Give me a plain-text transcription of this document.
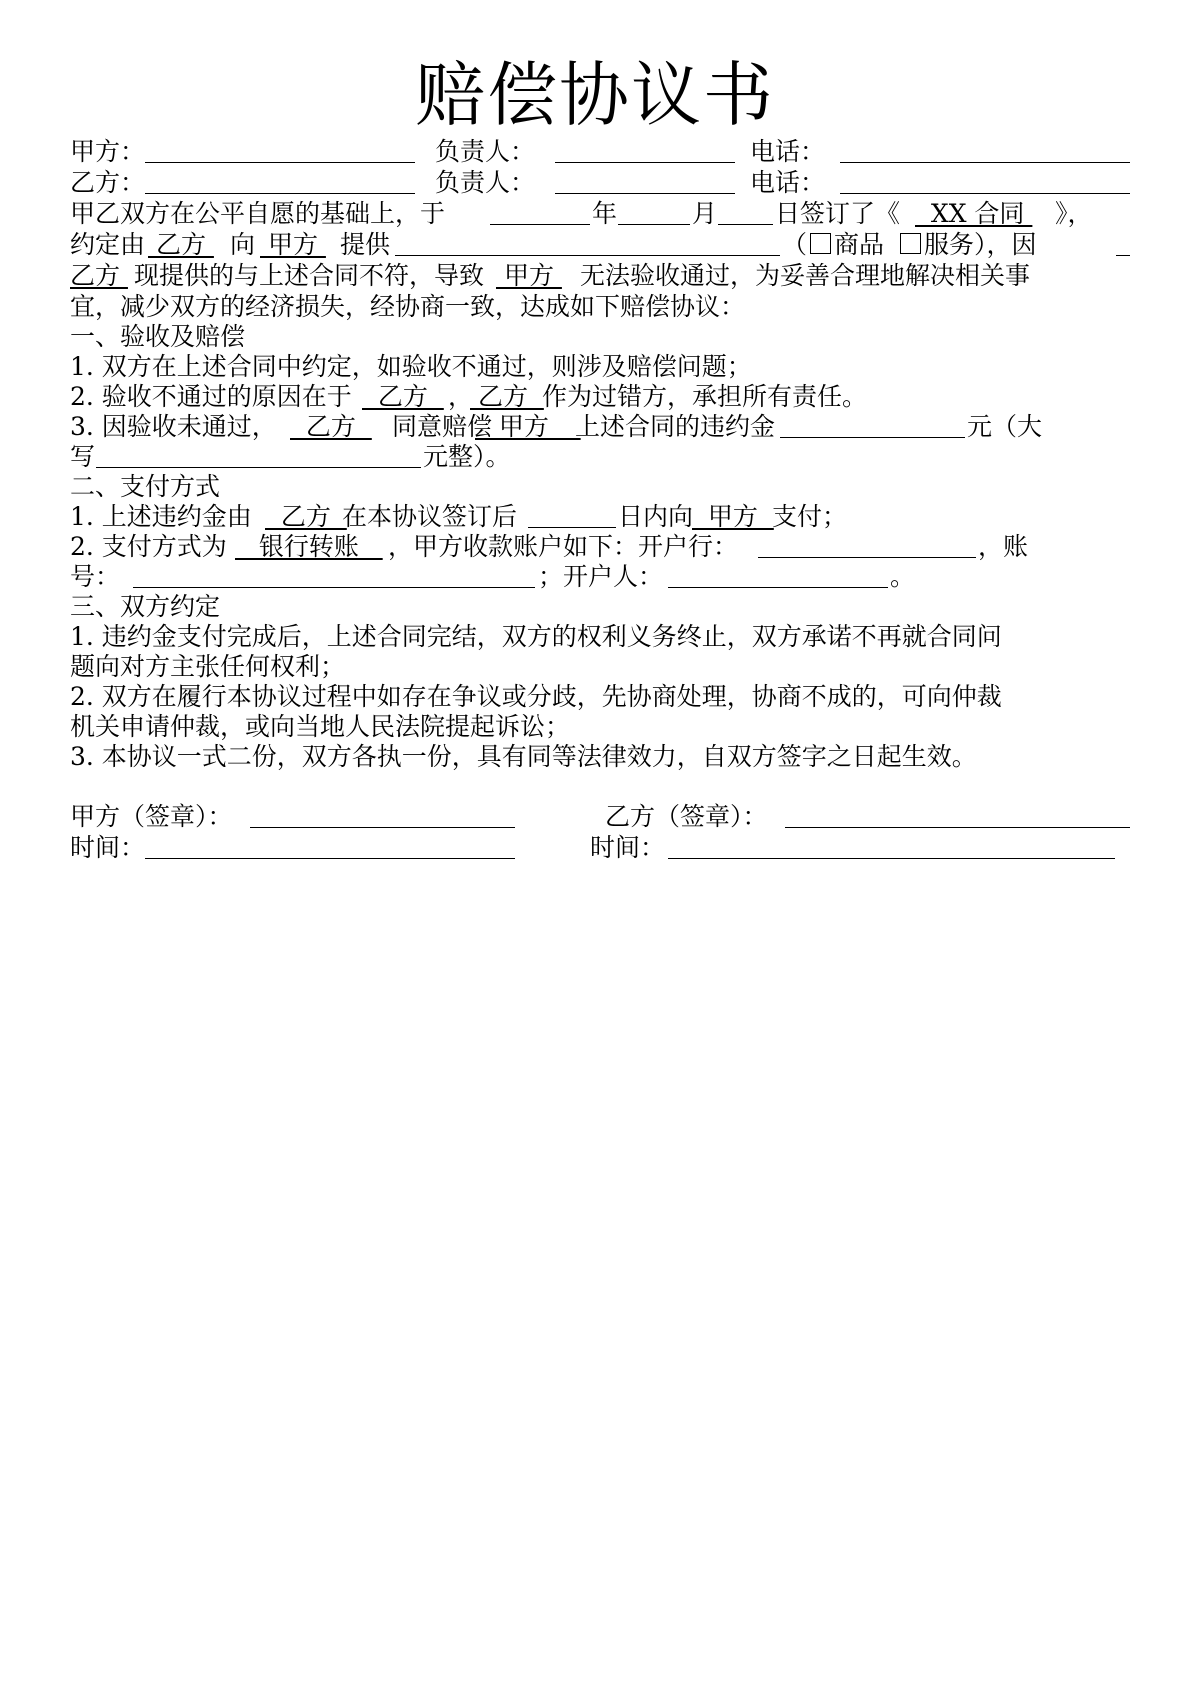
赔偿协议书
甲方：	负责人：	电话：
乙方：	负责人：	电话：
甲乙双方在公平自愿的基础上，于	年	月 日签订了《 XX 合同 》，
约定由 乙方 向 甲方 提供	（ 商品 服务 ），因
乙方 现提供的与上述合同不符，导致 甲方 无法验收通过，为妥善合理地解决相关事
宜，减少双方的经济损失，经协商一致，达成如下赔偿协议：
一、验收及赔偿
1. 双方在上述合同中约定，如验收不通过，则涉及赔偿问题；
2. 验收不通过的原因在于 乙方 ，
乙方
作为过错方，承担所有责任。
3. 因验收未通过， 乙方 同意赔偿
甲方
上述合同的违约金	元（大
写	元整）。
二、支付方式
1. 上述违约金由 乙方
在本协议签订后	日内向
甲方
支付；
2. 支付方式为 银行转账 ，甲方收款账户如下：开户行：	，账
号：	；开户人：	。
三、双方约定
1. 违约金支付完成后，上述合同完结，双方的权利义务终止，双方承诺不再就合同问
题向对方主张任何权利；
2. 双方在履行本协议过程中如存在争议或分歧，先协商处理，协商不成的，可向仲裁
机关申请仲裁，或向当地人民法院提起诉讼；
3. 本协议一式二份，双方各执一份，具有同等法律效力，自双方签字之日起生效。
甲方（签章）：	乙方（签章）：
时间：	时间：
